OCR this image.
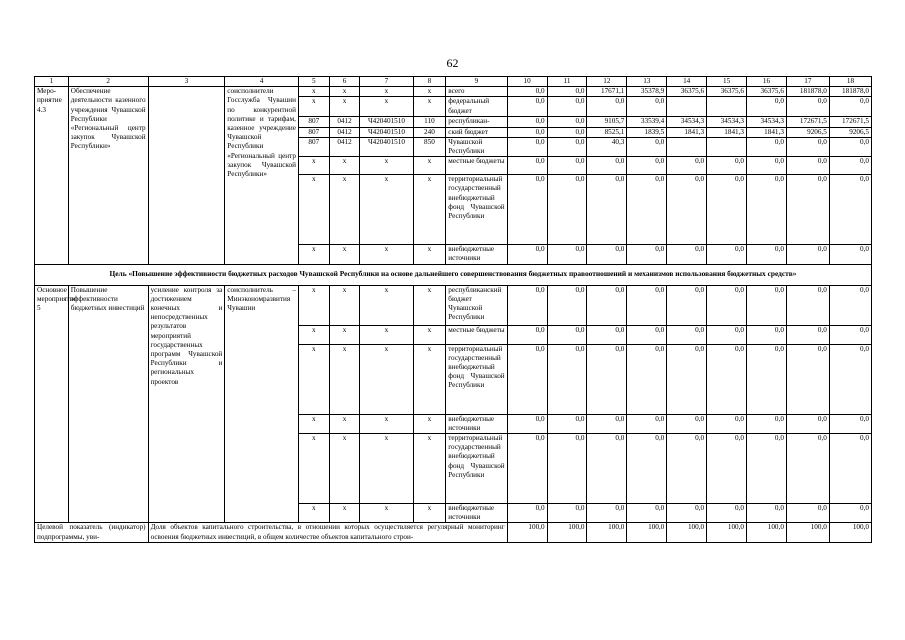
62
1	2	3	4	5	6	7	8	9	10	11	12	13	14	15	16	17	18
Меро-приятие 4.3	Обеспечение деятельности казенного учреждения Чувашской Республики «Региональный центр закупок Чувашской Республики»		соисполнители Госслужба Чувашии по конкурентной политике и тарифам, казенное учреждение Чувашской Республики «Региональный центр закупок Чувашской Республики»	х	х	х	х	всего	0,0	0,0	17671,1	35378,9	36375,6	36375,6	36375,6	181878,0	181878,0
				х	х	х	х	федеральный бюджет	0,0	0,0	0,0	0,0			0,0	0,0	0,0
				807	0412	Ч420401510	110	республикан-	0,0	0,0	9105,7	33539,4	34534,3	34534,3	34534,3	172671,5	172671,5
				807	0412	Ч420401510	240	ский бюджет	0,0	0,0	8525,1	1839,5	1841,3	1841,3	1841,3	9206,5	9206,5
				807	0412	Ч420401510	850	Чувашской Республики	0,0	0,0	40,3	0,0			0,0	0,0	0,0
				х	х	х	х	местные бюджеты	0,0	0,0	0,0	0,0	0,0	0,0	0,0	0,0	0,0
				х	х	х	х	территориальный государственный внебюджетный фонд Чувашской Республики	0,0	0,0	0,0	0,0	0,0	0,0	0,0	0,0	0,0
				х	х	х	х	внебюджетные источники	0,0	0,0	0,0	0,0	0,0	0,0	0,0	0,0	0,0
Цель «Повышение эффективности бюджетных расходов Чувашской Республики на основе дальнейшего совершенствования бюджетных правоотношений и механизмов использования бюджетных средств»																	
Основное мероприятие 5	Повышение эффективности бюджетных инвестиций	усиление контроля за достижением конечных и непосредственных результатов мероприятий государственных программ Чувашской Республики и региональных проектов	соисполнитель – Минэкономразвития Чувашии	х	х	х	х	республиканский бюджет Чувашской Республики	0,0	0,0	0,0	0,0	0,0	0,0	0,0	0,0	0,0
				х	х	х	х	местные бюджеты	0,0	0,0	0,0	0,0	0,0	0,0	0,0	0,0	0,0
				х	х	х	х	территориальный государственный внебюджетный фонд Чувашской Республики	0,0	0,0	0,0	0,0	0,0	0,0	0,0	0,0	0,0
				х	х	х	х	внебюджетные источники	0,0	0,0	0,0	0,0	0,0	0,0	0,0	0,0	0,0
				х	х	х	х	территориальный государственный внебюджетный фонд Чувашской Республики	0,0	0,0	0,0	0,0	0,0	0,0	0,0	0,0	0,0
				х	х	х	х	внебюджетные источники	0,0	0,0	0,0	0,0	0,0	0,0	0,0	0,0	0,0
Целевой показатель (индикатор) подпрограммы, уви-		Доля объектов капитального строительства, в отношении которых осуществляется регулярный мониторинг освоения бюджетных инвестиций, в общем количестве объектов капитального строи-							100,0	100,0	100,0	100,0	100,0	100,0	100,0	100,0	100,0
